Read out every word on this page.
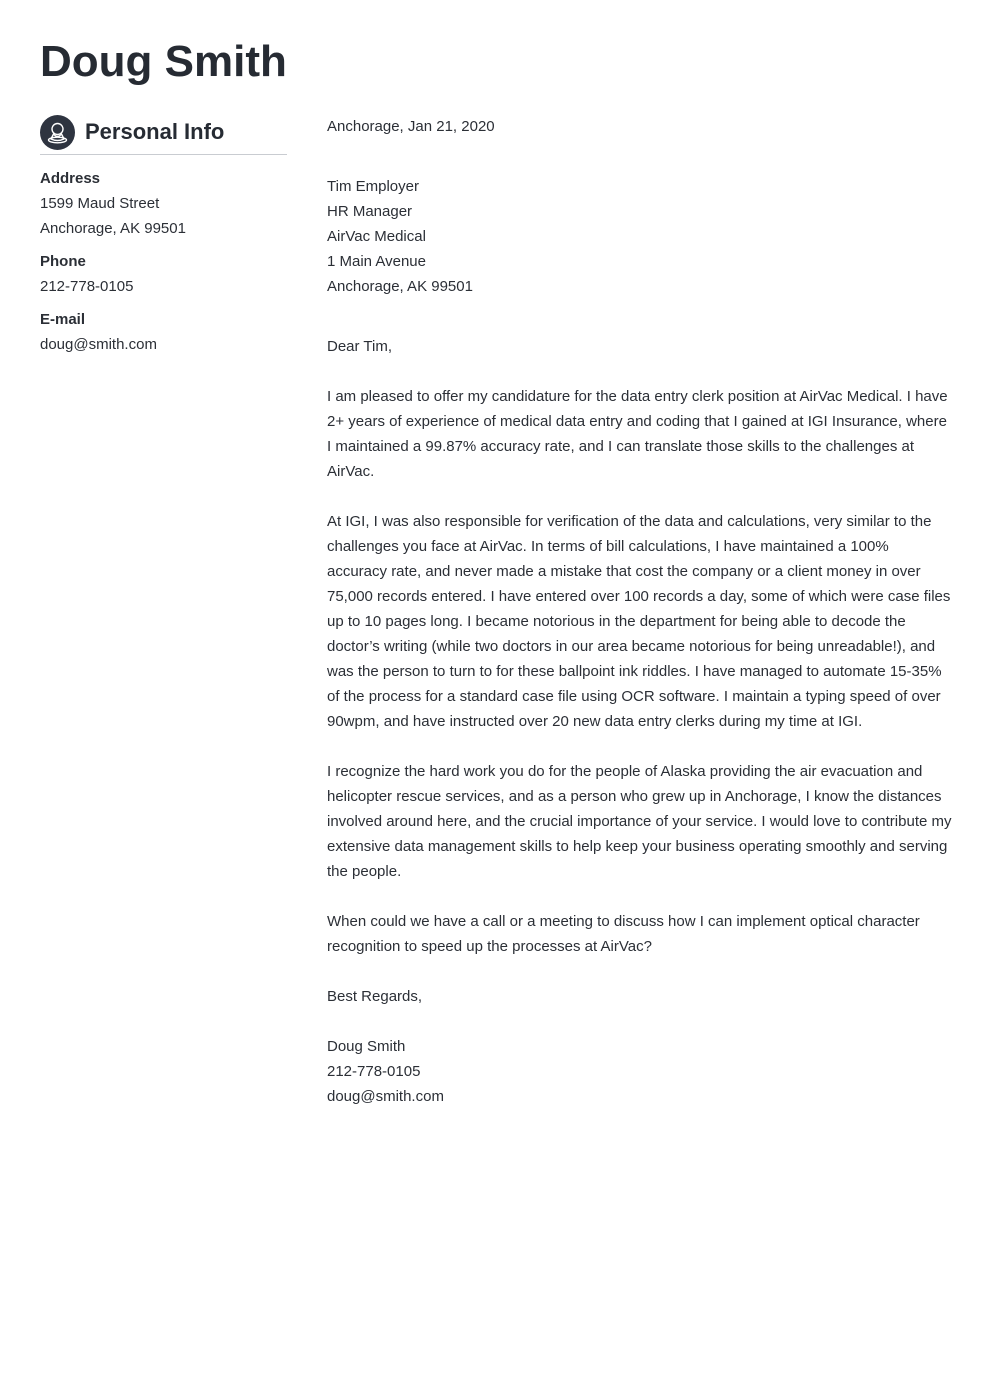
Doug Smith
Personal Info
Address
1599 Maud Street
Anchorage, AK 99501
Phone
212-778-0105
E-mail
doug@smith.com
Anchorage, Jan 21, 2020
Tim Employer
HR Manager
AirVac Medical
1 Main Avenue
Anchorage, AK 99501
Dear Tim,

I am pleased to offer my candidature for the data entry clerk position at AirVac Medical. I have 2+ years of experience of medical data entry and coding that I gained at IGI Insurance, where I maintained a 99.87% accuracy rate, and I can translate those skills to the challenges at AirVac.

At IGI, I was also responsible for verification of the data and calculations, very similar to the challenges you face at AirVac. In terms of bill calculations, I have maintained a 100% accuracy rate, and never made a mistake that cost the company or a client money in over 75,000 records entered. I have entered over 100 records a day, some of which were case files up to 10 pages long. I became notorious in the department for being able to decode the doctor’s writing (while two doctors in our area became notorious for being unreadable!), and was the person to turn to for these ballpoint ink riddles. I have managed to automate 15-35% of the process for a standard case file using OCR software. I maintain a typing speed of over 90wpm, and have instructed over 20 new data entry clerks during my time at IGI.

I recognize the hard work you do for the people of Alaska providing the air evacuation and helicopter rescue services, and as a person who grew up in Anchorage, I know the distances involved around here, and the crucial importance of your service. I would love to contribute my extensive data management skills to help keep your business operating smoothly and serving the people.

When could we have a call or a meeting to discuss how I can implement optical character recognition to speed up the processes at AirVac?

Best Regards,
Doug Smith
212-778-0105
doug@smith.com
